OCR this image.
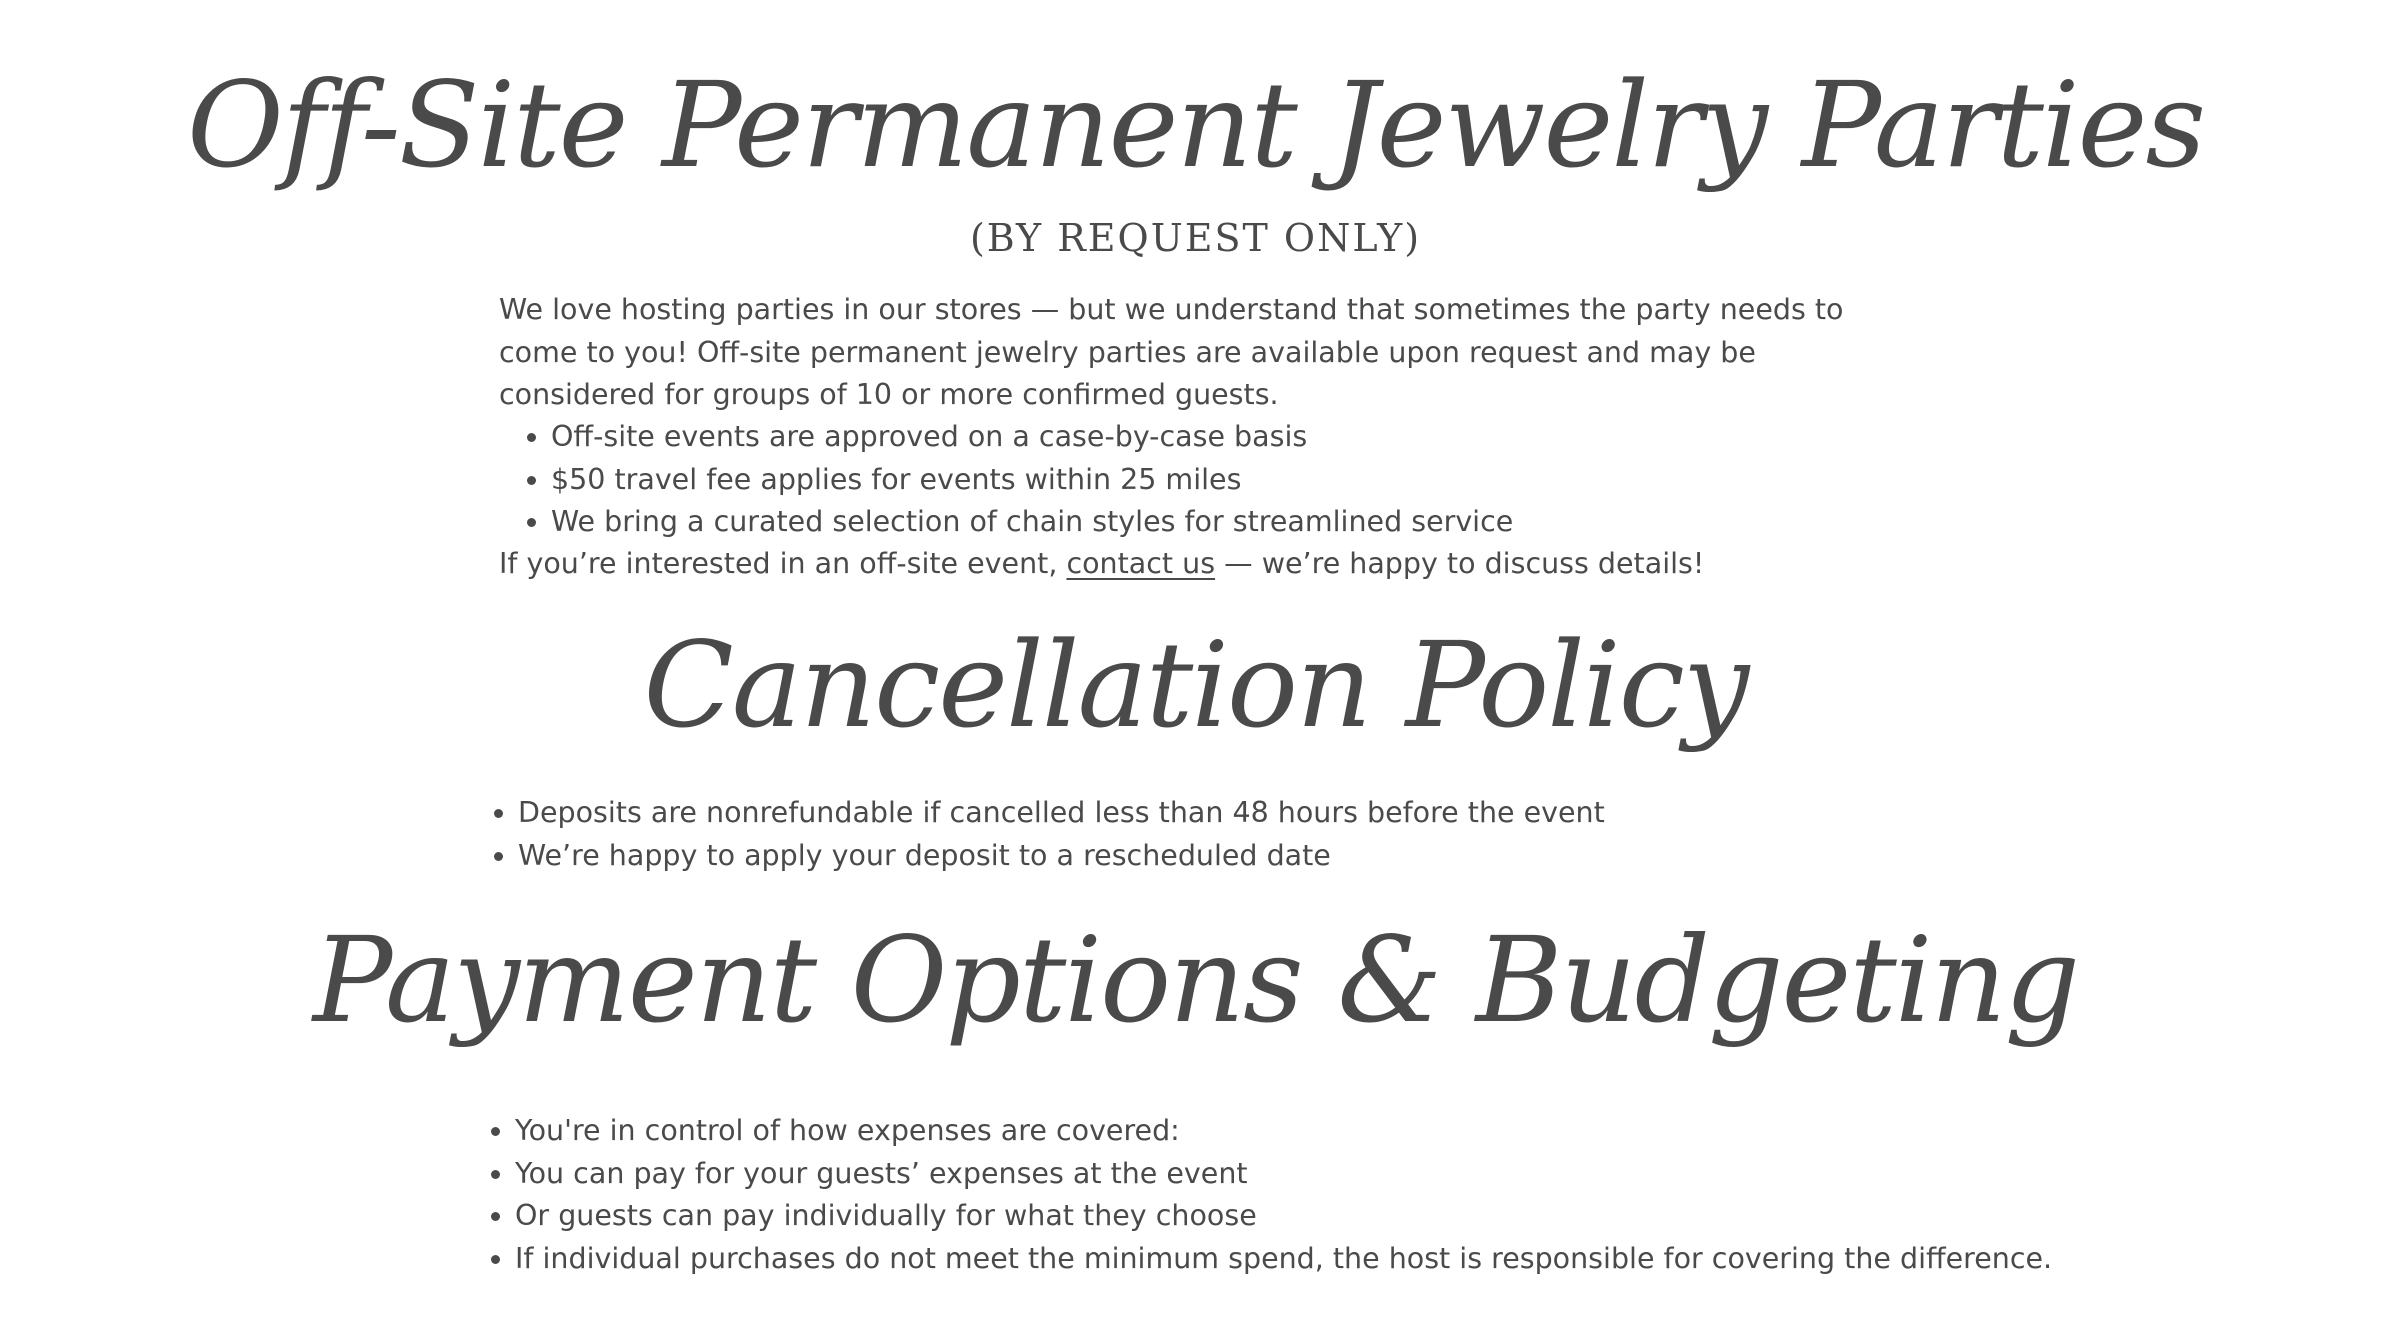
Off-Site Permanent Jewelry Parties
(BY REQUEST ONLY)

We love hosting parties in our stores — but we understand that sometimes the party needs to come to you! Off-site permanent jewelry parties are available upon request and may be considered for groups of 10 or more confirmed guests.

Off-site events are approved on a case-by-case basis
$50 travel fee applies for events within 25 miles
We bring a curated selection of chain styles for streamlined service

If you’re interested in an off-site event, contact us — we’re happy to discuss details!

Cancellation Policy
Deposits are nonrefundable if cancelled less than 48 hours before the event
We’re happy to apply your deposit to a rescheduled date
Payment Options & Budgeting
You're in control of how expenses are covered:
You can pay for your guests’ expenses at the event
Or guests can pay individually for what they choose
If individual purchases do not meet the minimum spend, the host is responsible for covering the difference.
